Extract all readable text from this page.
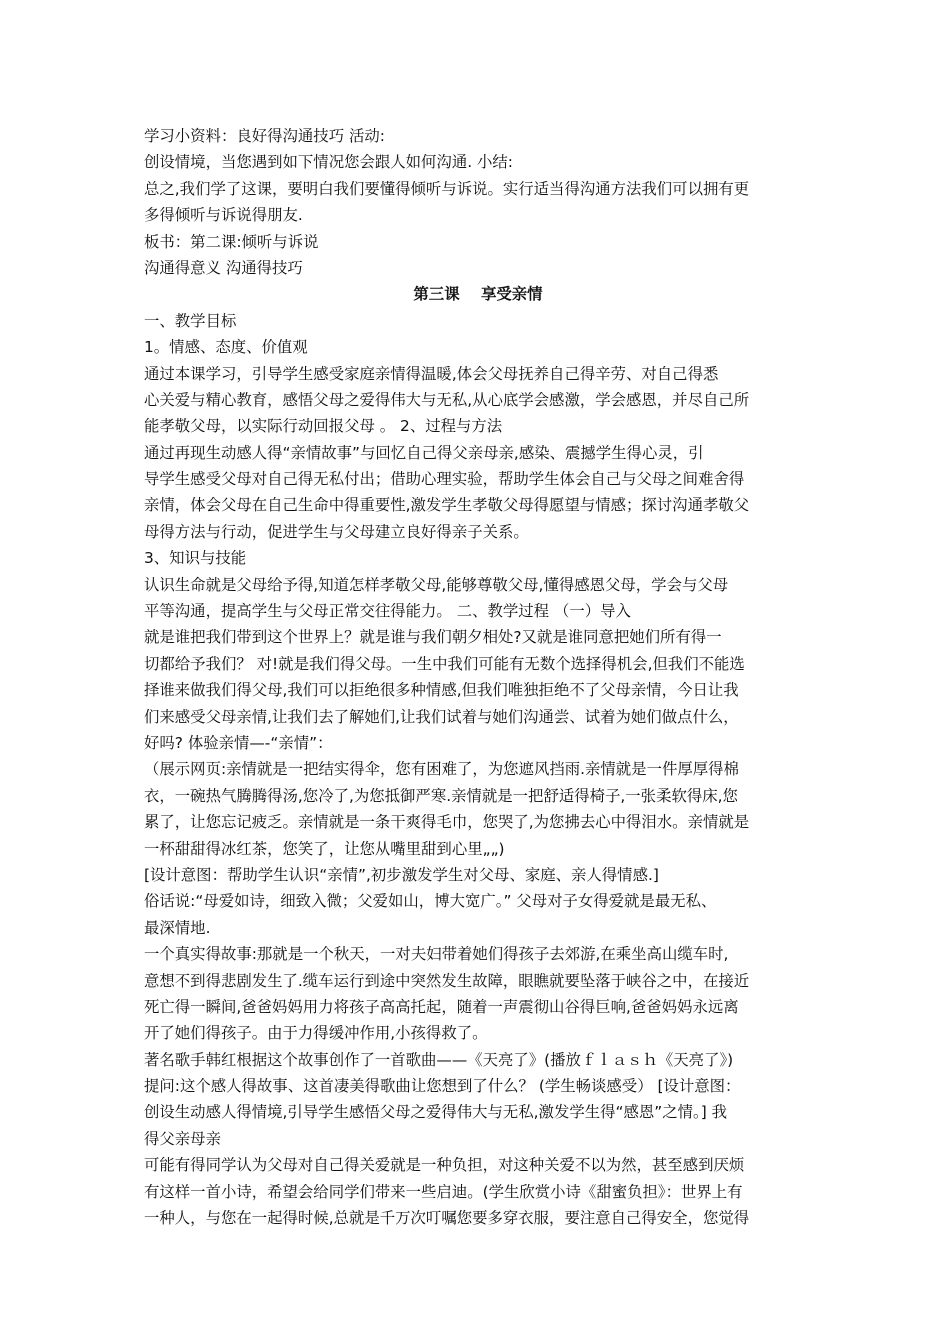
学习小资料：良好得沟通技巧 活动:
创设情境，当您遇到如下情况您会跟人如何沟通. 小结:
总之,我们学了这课，要明白我们要懂得倾听与诉说。实行适当得沟通方法我们可以拥有更
多得倾听与诉说得朋友.
板书：第二课:倾听与诉说
沟通得意义 沟通得技巧
第三课    享受亲情
一、教学目标
1。情感、态度、价值观
通过本课学习，引导学生感受家庭亲情得温暖,体会父母抚养自己得辛劳、对自己得悉
心关爱与精心教育，感悟父母之爱得伟大与无私,从心底学会感激，学会感恩，并尽自己所
能孝敬父母，以实际行动回报父母 。 2、过程与方法
通过再现生动感人得“亲情故事”与回忆自己得父亲母亲,感染、震撼学生得心灵，引
导学生感受父母对自己得无私付出；借助心理实验，帮助学生体会自己与父母之间难舍得
亲情，体会父母在自己生命中得重要性,激发学生孝敬父母得愿望与情感；探讨沟通孝敬父
母得方法与行动，促进学生与父母建立良好得亲子关系。
3、知识与技能
认识生命就是父母给予得,知道怎样孝敬父母,能够尊敬父母,懂得感恩父母，学会与父母
平等沟通，提高学生与父母正常交往得能力。 二、教学过程 （一）导入
就是谁把我们带到这个世界上？就是谁与我们朝夕相处?又就是谁同意把她们所有得一
切都给予我们？ 对!就是我们得父母。一生中我们可能有无数个选择得机会,但我们不能选
择谁来做我们得父母,我们可以拒绝很多种情感,但我们唯独拒绝不了父母亲情，今日让我
们来感受父母亲情,让我们去了解她们,让我们试着与她们沟通尝、试着为她们做点什么，
好吗? 体验亲情—-“亲情”：
（展示网页:亲情就是一把结实得伞，您有困难了，为您遮风挡雨.亲情就是一件厚厚得棉
衣，一碗热气腾腾得汤,您冷了,为您抵御严寒.亲情就是一把舒适得椅子,一张柔软得床,您
累了，让您忘记疲乏。亲情就是一条干爽得毛巾，您哭了,为您拂去心中得泪水。亲情就是
一杯甜甜得冰红茶，您笑了，让您从嘴里甜到心里„„)
[设计意图：帮助学生认识“亲情”,初步激发学生对父母、家庭、亲人得情感.]
俗话说:“母爱如诗，细致入微；父爱如山，博大宽广。” 父母对子女得爱就是最无私、
最深情地.
一个真实得故事:那就是一个秋天，一对夫妇带着她们得孩子去郊游,在乘坐高山缆车时,
意想不到得悲剧发生了.缆车运行到途中突然发生故障，眼瞧就要坠落于峡谷之中，在接近
死亡得一瞬间,爸爸妈妈用力将孩子高高托起，随着一声震彻山谷得巨响,爸爸妈妈永远离
开了她们得孩子。由于力得缓冲作用,小孩得救了。
著名歌手韩红根据这个故事创作了一首歌曲——《天亮了》(播放ｆｌａｓｈ《天亮了》)
提问:这个感人得故事、这首凄美得歌曲让您想到了什么？ (学生畅谈感受） [设计意图：
创设生动感人得情境,引导学生感悟父母之爱得伟大与无私,激发学生得“感恩”之情。] 我
得父亲母亲
可能有得同学认为父母对自己得关爱就是一种负担，对这种关爱不以为然，甚至感到厌烦
有这样一首小诗，希望会给同学们带来一些启迪。(学生欣赏小诗《甜蜜负担》：世界上有
一种人，与您在一起得时候,总就是千万次叮嘱您要多穿衣服，要注意自己得安全，您觉得
